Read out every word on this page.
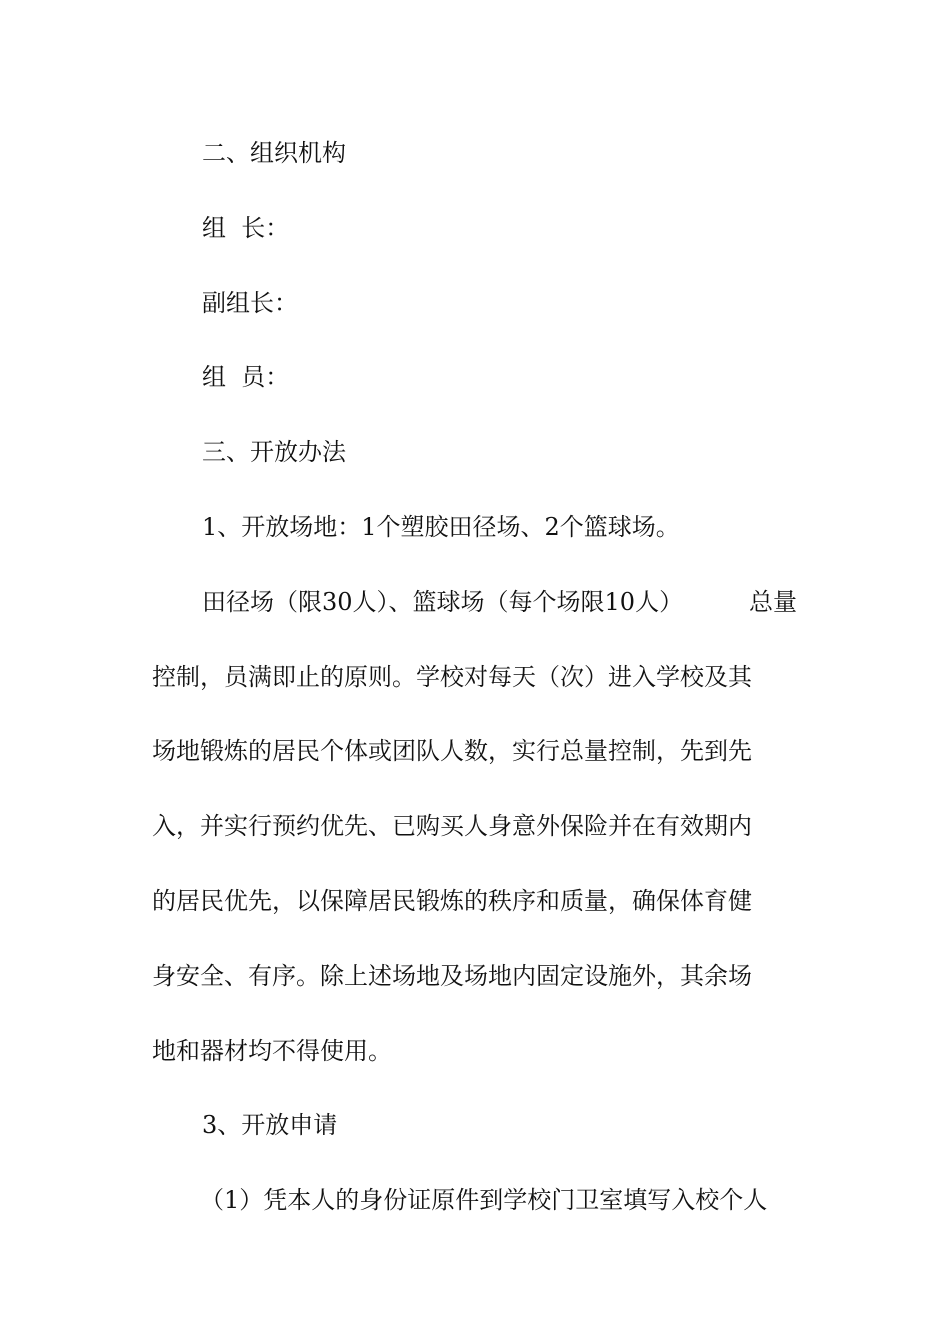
二、组织机构
组  长：
副组长：
组  员：
三、开放办法
1、开放场地：1个塑胶田径场、2个篮球场。
田径场（限30人）、篮球场（每个场限10人）	总量
控制，员满即止的原则。学校对每天（次）进入学校及其
场地锻炼的居民个体或团队人数，实行总量控制，先到先
入，并实行预约优先、已购买人身意外保险并在有效期内
的居民优先，以保障居民锻炼的秩序和质量，确保体育健
身安全、有序。除上述场地及场地内固定设施外，其余场
地和器材均不得使用。
3、开放申请
（1）凭本人的身份证原件到学校门卫室填写入校个人
